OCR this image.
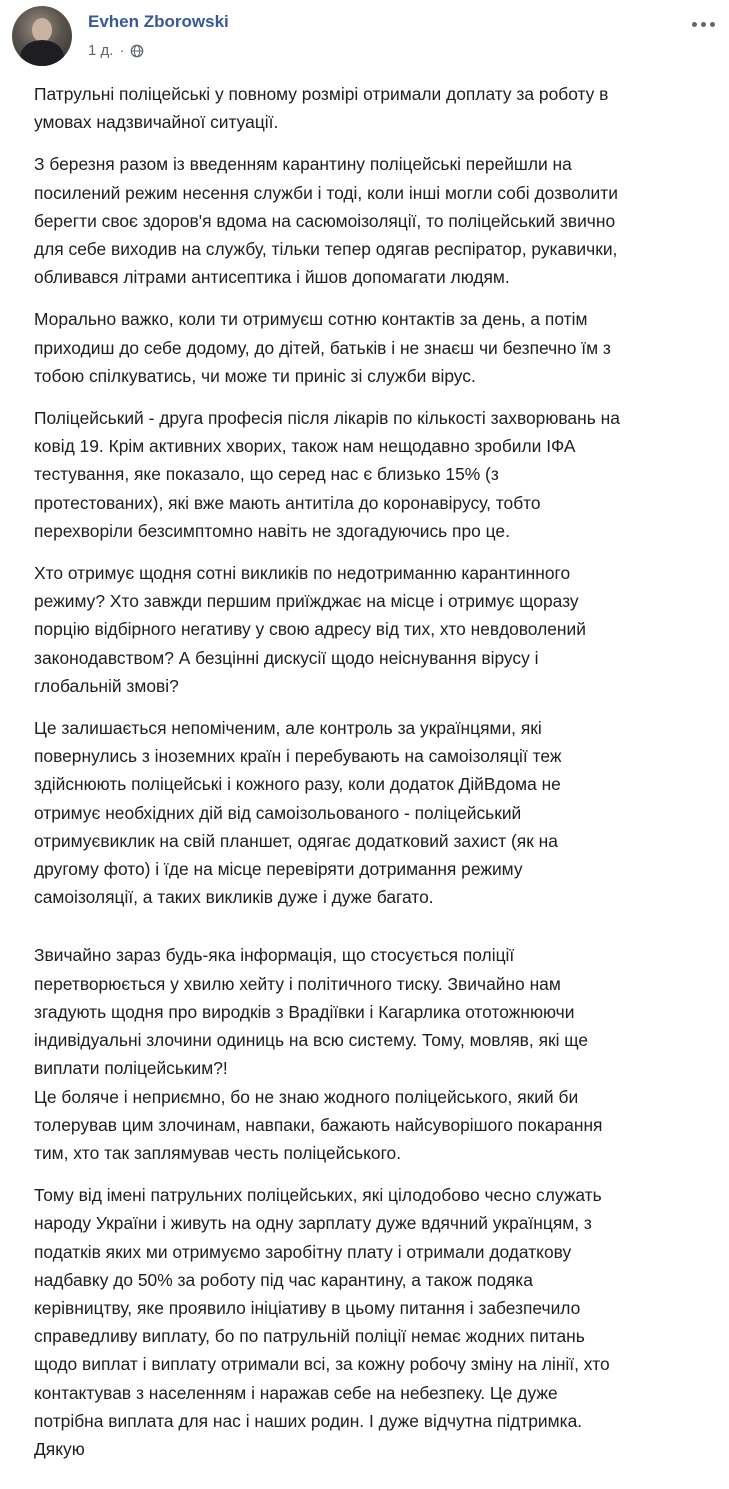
Evhen Zborowski
1 д. ·

Патрульні поліцейські у повному розмірі отримали доплату за роботу в
умовах надзвичайної ситуації.

З березня разом із введенням карантину поліцейські перейшли на
посилений режим несення служби і тоді, коли інші могли собі дозволити
берегти своє здоров'я вдома на сасюмоізоляції, то поліцейський звично
для себе виходив на службу, тільки тепер одягав респіратор, рукавички,
обливався літрами антисептика і йшов допомагати людям.

Морально важко, коли ти отримуєш сотню контактів за день, а потім
приходиш до себе додому, до дітей, батьків і не знаєш чи безпечно їм з
тобою спілкуватись, чи може ти приніс зі служби вірус.

Поліцейський - друга професія після лікарів по кількості захворювань на
ковід 19. Крім активних хворих, також нам нещодавно зробили ІФА
тестування, яке показало, що серед нас є близько 15% (з
протестованих), які вже мають антитіла до коронавірусу, тобто
перехворіли безсимптомно навіть не здогадуючись про це.

Хто отримує щодня сотні викликів по недотриманню карантинного
режиму? Хто завжди першим приїжджає на місце і отримує щоразу
порцію відбірного негативу у свою адресу від тих, хто невдоволений
законодавством? А безцінні дискусії щодо неіснування вірусу і
глобальній змові?

Це залишається непоміченим, але контроль за українцями, які
повернулись з іноземних країн і перебувають на самоізоляції теж
здійснюють поліцейські і кожного разу, коли додаток ДійВдома не
отримує необхідних дій від самоізольованого - поліцейський
отримуєвиклик на свій планшет, одягає додатковий захист (як на
другому фото) і їде на місце перевіряти дотримання режиму
самоізоляції, а таких викликів дуже і дуже багато.

Звичайно зараз будь-яка інформація, що стосується поліції
перетворюється у хвилю хейту і політичного тиску. Звичайно нам
згадують щодня про виродків з Врадіївки і Кагарлика ототожнюючи
індивідуальні злочини одиниць на всю систему. Тому, мовляв, які ще
виплати поліцейським?!

Це боляче і неприємно, бо не знаю жодного поліцейського, який би
толерував цим злочинам, навпаки, бажають найсуворішого покарання
тим, хто так заплямував честь поліцейського.

Тому від імені патрульних поліцейських, які цілодобово чесно служать
народу України і живуть на одну зарплату дуже вдячний українцям, з
податків яких ми отримуємо заробітну плату і отримали додаткову
надбавку до 50% за роботу під час карантину, а також подяка
керівництву, яке проявило ініціативу в цьому питання і забезпечило
справедливу виплату, бо по патрульній поліції немає жодних питань
щодо виплат і виплату отримали всі, за кожну робочу зміну на лінії, хто
контактував з населенням і наражав себе на небезпеку. Це дуже
потрібна виплата для нас і наших родин. І дуже відчутна підтримка.
Дякую
